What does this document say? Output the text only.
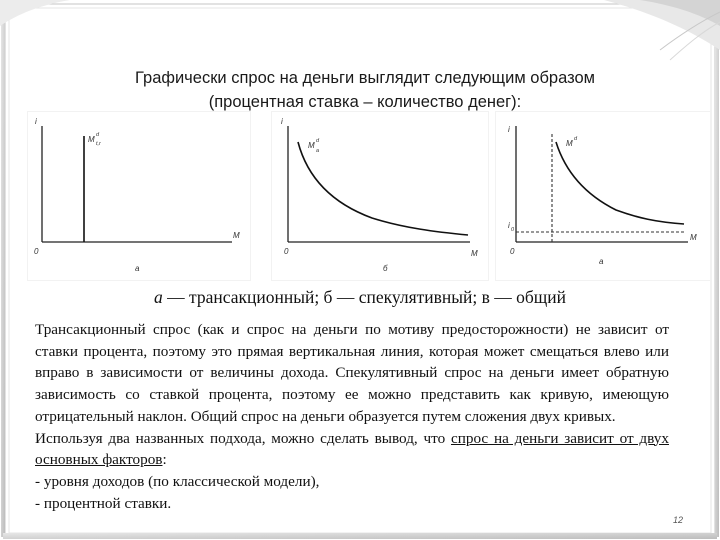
Графически спрос на деньги выглядит следующим образом
(процентная ставка – количество денег):
i
M
0
M d
t,r
a
i
M
0
M d
a
б
i
M
0
i 0
M d
a
а — трансакционный; б — спекулятивный; в — общий

Трансакционный спрос (как и спрос на деньги по мотиву предосторожности) не зависит от ставки процента, поэтому это прямая вертикальная линия, которая может смещаться влево или вправо в зависимости от величины дохода. Спекулятивный спрос на деньги имеет обратную зависимость со ставкой процента, поэтому ее можно представить как кривую, имеющую отрицательный наклон. Общий спрос на деньги образуется путем сложения двух кривых.

Используя два названных подхода, можно сделать вывод, что спрос на деньги зависит от двух основных факторов:

- уровня доходов (по классической модели),

- процентной ставки.

12
